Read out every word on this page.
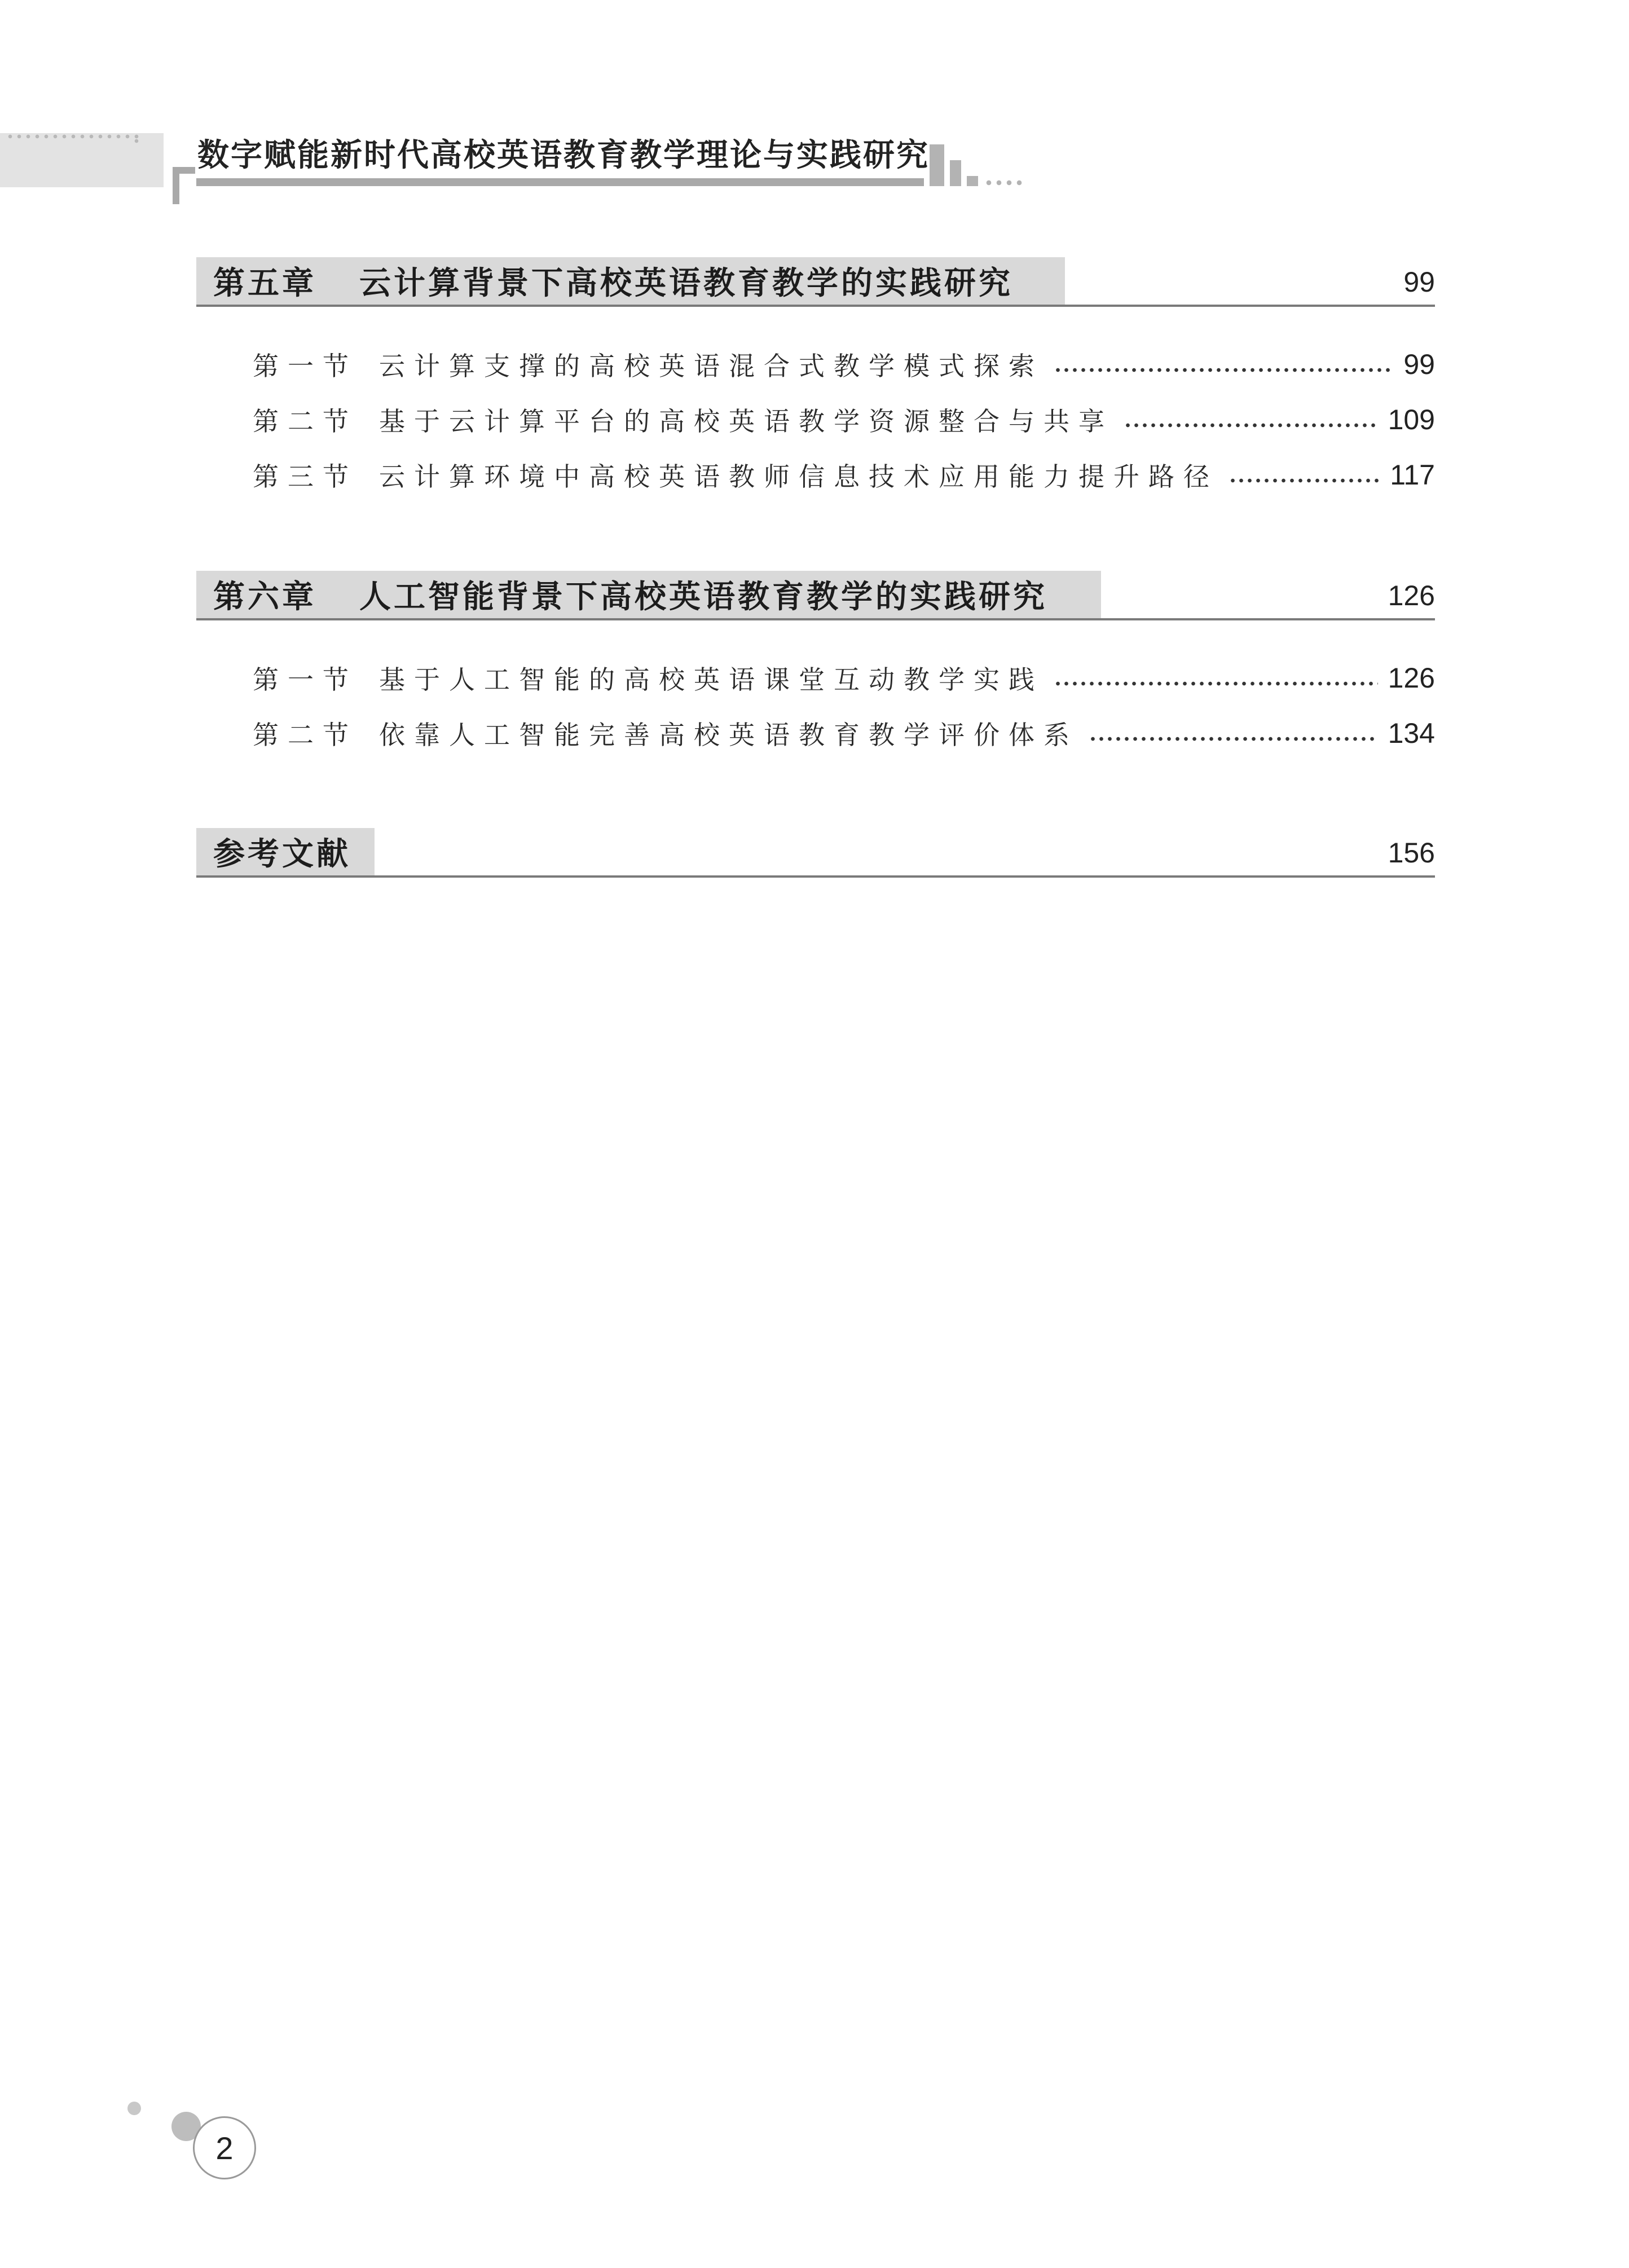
数字赋能新时代高校英语教育教学理论与实践研究
第五章 云计算背景下高校英语教育教学的实践研究	99
第一节 云计算支撑的高校英语混合式教学模式探索	99
第二节 基于云计算平台的高校英语教学资源整合与共享	109
第三节 云计算环境中高校英语教师信息技术应用能力提升路径	117
第六章 人工智能背景下高校英语教育教学的实践研究	126
第一节 基于人工智能的高校英语课堂互动教学实践	126
第二节 依靠人工智能完善高校英语教育教学评价体系	134
参考文献	156
2
